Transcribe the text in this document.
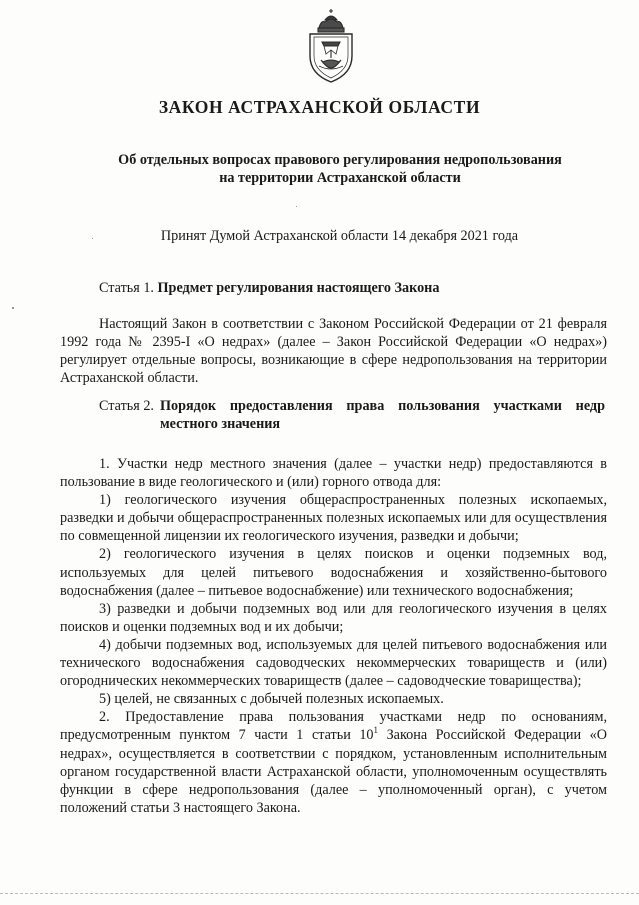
ЗАКОН АСТРАХАНСКОЙ ОБЛАСТИ
Об отдельных вопросах правового регулирования недропользования
на территории Астраханской области

Принят Думой Астраханской области 14 декабря 2021 года

Статья 1. Предмет регулирования настоящего Закона

Настоящий Закон в соответствии с Законом Российской Федерации от 21 февраля 1992 года № 2395-I «О недрах» (далее – Закон Российской Федерации «О недрах») регулирует отдельные вопросы, возникающие в сфере недропользования на территории Астраханской области.

Статья 2. Порядок предоставления права пользования участками недр местного значения

1. Участки недр местного значения (далее – участки недр) предоставляются в пользование в виде геологического и (или) горного отвода для:

1) геологического изучения общераспространенных полезных ископаемых, разведки и добычи общераспространенных полезных ископаемых или для осуществления по совмещенной лицензии их геологического изучения, разведки и добычи;

2) геологического изучения в целях поисков и оценки подземных вод, используемых для целей питьевого водоснабжения и хозяйственно-бытового водоснабжения (далее – питьевое водоснабжение) или технического водоснабжения;

3) разведки и добычи подземных вод или для геологического изучения в целях поисков и оценки подземных вод и их добычи;

4) добычи подземных вод, используемых для целей питьевого водоснабжения или технического водоснабжения садоводческих некоммерческих товариществ и (или) огороднических некоммерческих товариществ (далее – садоводческие товарищества);

5) целей, не связанных с добычей полезных ископаемых.

2. Предоставление права пользования участками недр по основаниям, предусмотренным пунктом 7 части 1 статьи $10^1$ Закона Российской Федерации «О недрах», осуществляется в соответствии с порядком, установленным исполнительным органом государственной власти Астраханской области, уполномоченным осуществлять функции в сфере недропользования (далее – уполномоченный орган), с учетом положений статьи 3 настоящего Закона.
